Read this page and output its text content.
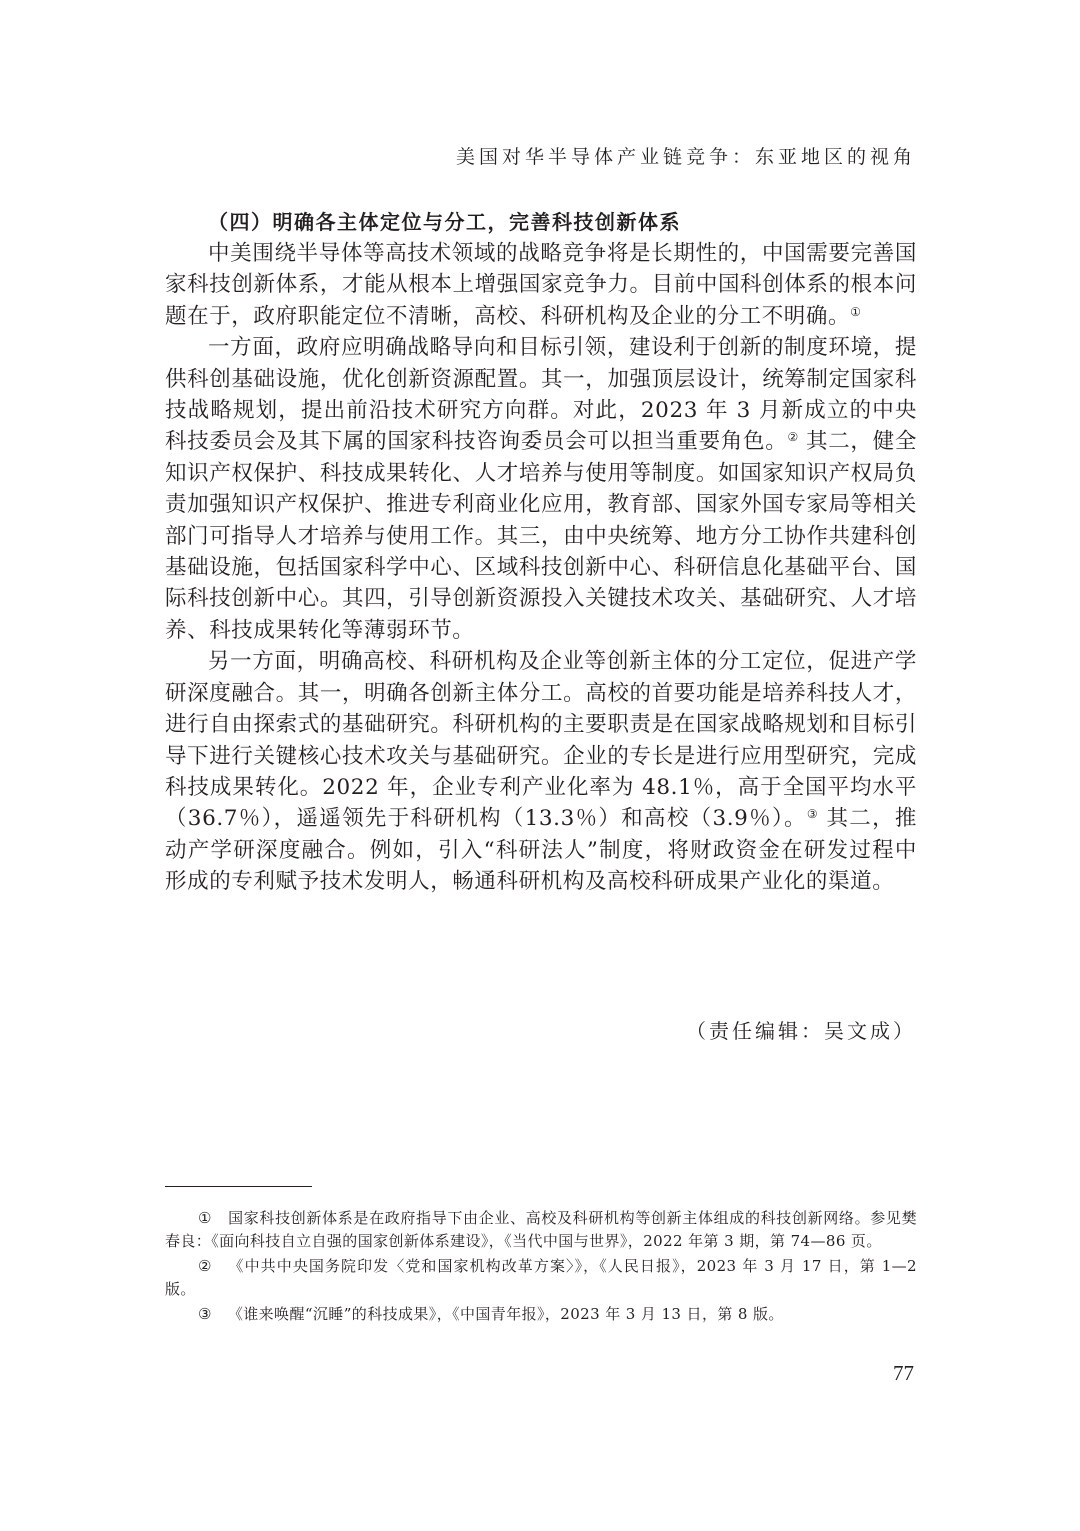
美国对华半导体产业链竞争：东亚地区的视角
（四）明确各主体定位与分工，完善科技创新体系

中美围绕半导体等高技术领域的战略竞争将是长期性的，中国需要完善国家科技创新体系，才能从根本上增强国家竞争力。目前中国科创体系的根本问题在于，政府职能定位不清晰，高校、科研机构及企业的分工不明确。①

一方面，政府应明确战略导向和目标引领，建设利于创新的制度环境，提供科创基础设施，优化创新资源配置。其一，加强顶层设计，统筹制定国家科技战略规划，提出前沿技术研究方向群。对此，2023 年 3 月新成立的中央科技委员会及其下属的国家科技咨询委员会可以担当重要角色。② 其二，健全知识产权保护、科技成果转化、人才培养与使用等制度。如国家知识产权局负责加强知识产权保护、推进专利商业化应用，教育部、国家外国专家局等相关部门可指导人才培养与使用工作。其三，由中央统筹、地方分工协作共建科创基础设施，包括国家科学中心、区域科技创新中心、科研信息化基础平台、国际科技创新中心。其四，引导创新资源投入关键技术攻关、基础研究、人才培养、科技成果转化等薄弱环节。

另一方面，明确高校、科研机构及企业等创新主体的分工定位，促进产学研深度融合。其一，明确各创新主体分工。高校的首要功能是培养科技人才，进行自由探索式的基础研究。科研机构的主要职责是在国家战略规划和目标引导下进行关键核心技术攻关与基础研究。企业的专长是进行应用型研究，完成科技成果转化。2022 年，企业专利产业化率为 48.1％，高于全国平均水平（36.7％），遥遥领先于科研机构（13.3％）和高校（3.9％）。③ 其二，推动产学研深度融合。例如，引入“科研法人”制度，将财政资金在研发过程中形成的专利赋予技术发明人，畅通科研机构及高校科研成果产业化的渠道。

（责任编辑：吴文成）

① 国家科技创新体系是在政府指导下由企业、高校及科研机构等创新主体组成的科技创新网络。参见樊春良：《面向科技自立自强的国家创新体系建设》，《当代中国与世界》，2022 年第 3 期，第 74—86 页。

② 《中共中央国务院印发〈党和国家机构改革方案〉》，《人民日报》，2023 年 3 月 17 日，第 1—2 版。

③ 《谁来唤醒“沉睡”的科技成果》，《中国青年报》，2023 年 3 月 13 日，第 8 版。

77
